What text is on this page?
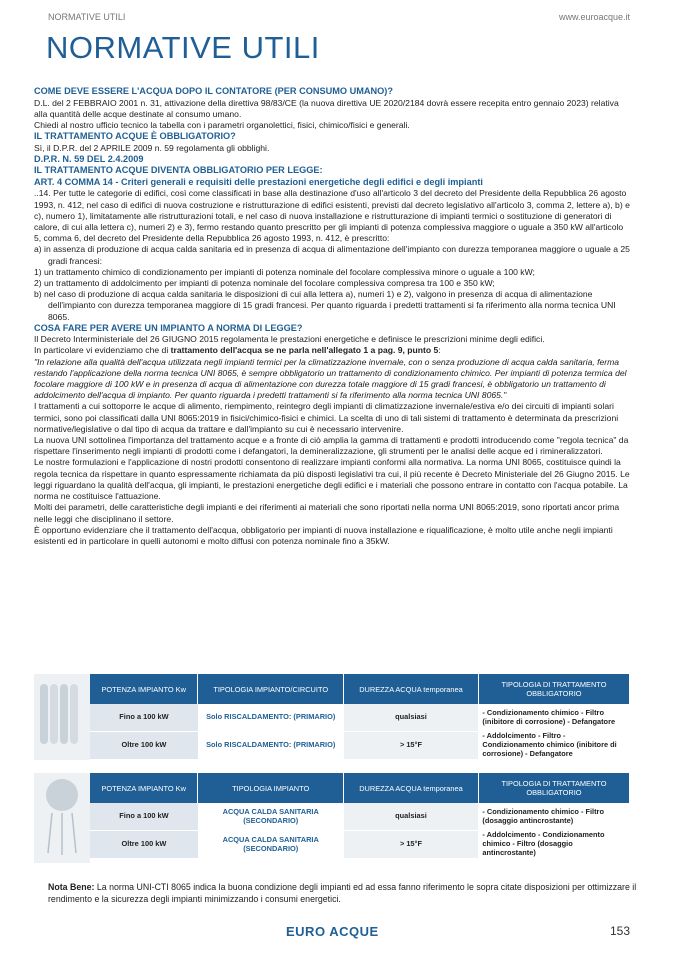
NORMATIVE UTILI	www.euroacque.it
NORMATIVE UTILI

COME DEVE ESSERE L'ACQUA DOPO IL CONTATORE (PER CONSUMO UMANO)?

D.L. del 2 FEBBRAIO 2001 n. 31, attivazione della direttiva 98/83/CE (la nuova direttiva UE 2020/2184 dovrà essere recepita entro gennaio 2023) relativa alla quantità delle acque destinate al consumo umano.

Chiedi al nostro ufficio tecnico la tabella con i parametri organolettici, fisici, chimico/fisici e generali.

IL TRATTAMENTO ACQUE È OBBLIGATORIO?

Sì, il D.P.R. del 2 APRILE 2009 n. 59 regolamenta gli obblighi.

D.P.R. N. 59 DEL 2.4.2009

IL TRATTAMENTO ACQUE DIVENTA OBBLIGATORIO PER LEGGE:

ART. 4 COMMA 14 - Criteri generali e requisiti delle prestazioni energetiche degli edifici e degli impianti

..14. Per tutte le categorie di edifici, così come classificati in base alla destinazione d'uso all'articolo 3 del decreto del Presidente della Repubblica 26 agosto 1993, n. 412, nel caso di edifici di nuova costruzione e ristrutturazione di edifici esistenti, previsti dal decreto legislativo all'articolo 3, comma 2, lettere a), b) e c), numero 1), limitatamente alle ristrutturazioni totali, e nel caso di nuova installazione e ristrutturazione di impianti termici o sostituzione di generatori di calore, di cui alla lettera c), numeri 2) e 3), fermo restando quanto prescritto per gli impianti di potenza complessiva maggiore o uguale a 350 kW all'articolo 5, comma 6, del decreto del Presidente della Repubblica 26 agosto 1993, n. 412, è prescritto:

a) in assenza di produzione di acqua calda sanitaria ed in presenza di acqua di alimentazione dell'impianto con durezza temporanea maggiore o uguale a 25 gradi francesi:

1) un trattamento chimico di condizionamento per impianti di potenza nominale del focolare complessiva minore o uguale a 100 kW;

2) un trattamento di addolcimento per impianti di potenza nominale del focolare complessiva compresa tra 100 e 350 kW;

b) nel caso di produzione di acqua calda sanitaria le disposizioni di cui alla lettera a), numeri 1) e 2), valgono in presenza di acqua di alimentazione dell'impianto con durezza temporanea maggiore di 15 gradi francesi. Per quanto riguarda i predetti trattamenti si fa riferimento alla norma tecnica UNI 8065.

COSA FARE PER AVERE UN IMPIANTO A NORMA DI LEGGE?

Il Decreto Interministeriale del 26 GIUGNO 2015 regolamenta le prestazioni energetiche e definisce le prescrizioni minime degli edifici.

In particolare vi evidenziamo che di trattamento dell'acqua se ne parla nell'allegato 1 a pag. 9, punto 5:

"In relazione alla qualità dell'acqua utilizzata negli impianti termici per la climatizzazione invernale, con o senza produzione di acqua calda sanitaria, ferma restando l'applicazione della norma tecnica UNI 8065, è sempre obbligatorio un trattamento di condizionamento chimico. Per impianti di potenza termica del focolare maggiore di 100 kW e in presenza di acqua di alimentazione con durezza totale maggiore di 15 gradi francesi, è obbligatorio un trattamento di addolcimento dell'acqua di impianto. Per quanto riguarda i predetti trattamenti si fa riferimento alla norma tecnica UNI 8065."

I trattamenti a cui sottoporre le acque di alimento, riempimento, reintegro degli impianti di climatizzazione invernale/estiva e/o dei circuiti di impianti solari termici, sono poi classificati dalla UNI 8065:2019 in fisici/chimico-fisici e chimici. La scelta di uno di tali sistemi di trattamento è determinata da prescrizioni normative/legislative o dal tipo di acqua da trattare e dall'impianto su cui è necessario intervenire.

La nuova UNI sottolinea l'importanza del trattamento acque e a fronte di ciò amplia la gamma di trattamenti e prodotti introducendo come "regola tecnica" da rispettare l'inserimento negli impianti di prodotti come i defangatori, la demineralizzazione, gli strumenti per le analisi delle acque ed i rimineralizzatori.

Le nostre formulazioni e l'applicazione di nostri prodotti consentono di realizzare impianti conformi alla normativa. La norma UNI 8065, costituisce quindi la regola tecnica da rispettare in quanto espressamente richiamata da più disposti legislativi tra cui, il più recente è Decreto Ministeriale del 26 Giugno 2015. Le leggi riguardano la qualità dell'acqua, gli impianti, le prestazioni energetiche degli edifici e i materiali che possono entrare in contatto con l'acqua potabile. La norma ne costituisce l'attuazione.

Molti dei parametri, delle caratteristiche degli impianti e dei riferimenti ai materiali che sono riportati nella norma UNI 8065:2019, sono riportati ancor prima nelle leggi che disciplinano il settore.

È opportuno evidenziare che il trattamento dell'acqua, obbligatorio per impianti di nuova installazione e riqualificazione, è molto utile anche negli impianti esistenti ed in particolare in quelli autonomi e molto diffusi con potenza nominale fino a 35kW.

POTENZA IMPIANTO Kw	TIPOLOGIA IMPIANTO/CIRCUITO	DUREZZA ACQUA temporanea	TIPOLOGIA DI TRATTAMENTO OBBLIGATORIO
Fino a 100 kW	Solo RISCALDAMENTO: (PRIMARIO)	qualsiasi	- Condizionamento chimico - Filtro (inibitore di corrosione) - Defangatore
Oltre 100 kW	Solo RISCALDAMENTO: (PRIMARIO)	> 15°F	- Addolcimento - Filtro - Condizionamento chimico (inibitore di corrosione) - Defangatore
POTENZA IMPIANTO Kw	TIPOLOGIA IMPIANTO	DUREZZA ACQUA temporanea	TIPOLOGIA DI TRATTAMENTO OBBLIGATORIO
Fino a 100 kW	ACQUA CALDA SANITARIA (SECONDARIO)	qualsiasi	- Condizionamento chimico - Filtro (dosaggio antincrostante)
Oltre 100 kW	ACQUA CALDA SANITARIA (SECONDARIO)	> 15°F	- Addolcimento - Condizionamento chimico - Filtro (dosaggio antincrostante)
Nota Bene: La norma UNI-CTI 8065 indica la buona condizione degli impianti ed ad essa fanno riferimento le sopra citate disposizioni per ottimizzare il rendimento e la sicurezza degli impianti minimizzando i consumi energetici.
EURO ACQUE	153
